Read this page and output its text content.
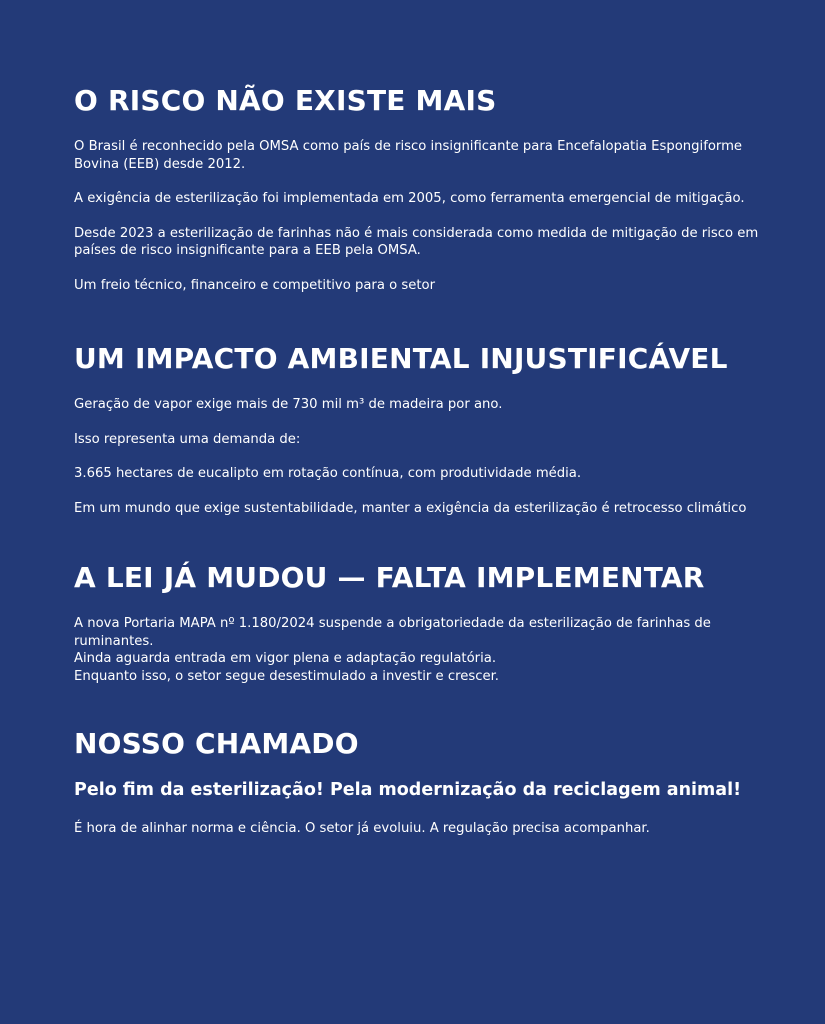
O RISCO NÃO EXISTE MAIS

O Brasil é reconhecido pela OMSA como país de risco insignificante para Encefalopatia Espongiforme Bovina (EEB) desde 2012.

A exigência de esterilização foi implementada em 2005, como ferramenta emergencial de mitigação.

Desde 2023 a esterilização de farinhas não é mais considerada como medida de mitigação de risco em países de risco insignificante para a EEB pela OMSA.

Um freio técnico, financeiro e competitivo para o setor

UM IMPACTO AMBIENTAL INJUSTIFICÁVEL

Geração de vapor exige mais de 730 mil m³ de madeira por ano.

Isso representa uma demanda de:

3.665 hectares de eucalipto em rotação contínua, com produtividade média.

Em um mundo que exige sustentabilidade, manter a exigência da esterilização é retrocesso climático

A LEI JÁ MUDOU — FALTA IMPLEMENTAR

A nova Portaria MAPA nº 1.180/2024 suspende a obrigatoriedade da esterilização de farinhas de ruminantes.

Ainda aguarda entrada em vigor plena e adaptação regulatória.

Enquanto isso, o setor segue desestimulado a investir e crescer.

NOSSO CHAMADO
Pelo fim da esterilização! Pela modernização da reciclagem animal!

É hora de alinhar norma e ciência. O setor já evoluiu. A regulação precisa acompanhar.
